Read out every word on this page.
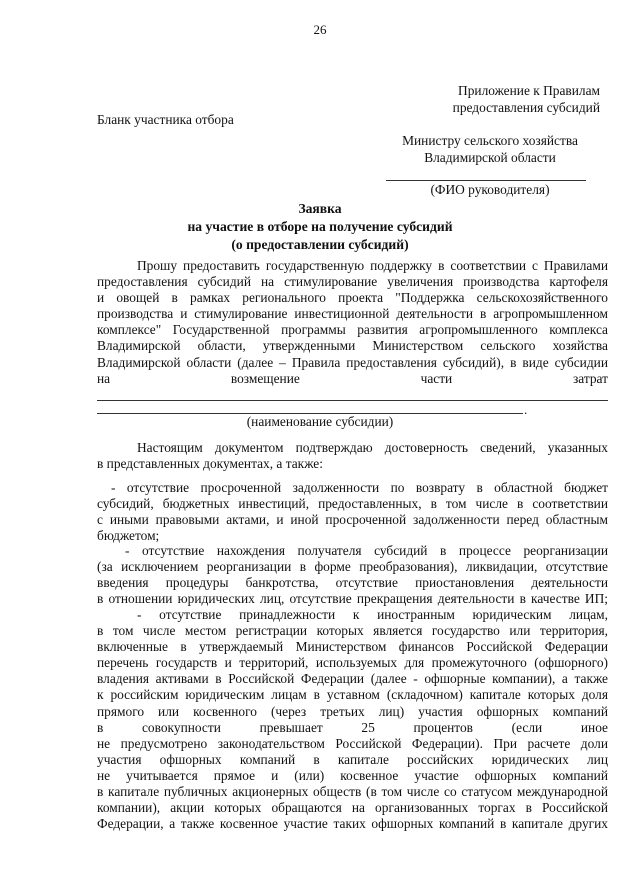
26
Приложение к Правилам
предоставления субсидий
Бланк участника отбора
Министру сельского хозяйства
Владимирской области
(ФИО руководителя)
Заявка
на участие в отборе на получение субсидий
(о предоставлении субсидий)

Прошу предоставить государственную поддержку в соответствии с Правилами

предоставления субсидий на стимулирование увеличения производства картофеля

и овощей в рамках регионального проекта "Поддержка сельскохозяйственного

производства и стимулирование инвестиционной деятельности в агропромышленном

комплексе" Государственной программы развития агропромышленного комплекса

Владимирской области, утвержденными Министерством сельского хозяйства

Владимирской области (далее – Правила предоставления субсидий), в виде субсидии

на	возмещение	части	затрат
.
(наименование субсидии)

Настоящим документом подтверждаю достоверность сведений, указанных

в представленных документах, а также:

- отсутствие просроченной задолженности по возврату в областной бюджет

субсидий, бюджетных инвестиций, предоставленных, в том числе в соответствии

с иными правовыми актами, и иной просроченной задолженности перед областным

бюджетом;

- отсутствие нахождения получателя субсидий в процессе реорганизации

(за исключением реорганизации в форме преобразования), ликвидации, отсутствие

введения процедуры банкротства, отсутствие приостановления деятельности

в отношении юридических лиц, отсутствие прекращения деятельности в качестве ИП;

- отсутствие принадлежности к иностранным юридическим лицам,

в том числе местом регистрации которых является государство или территория,

включенные в утверждаемый Министерством финансов Российской Федерации

перечень государств и территорий, используемых для промежуточного (офшорного)

владения активами в Российской Федерации (далее - офшорные компании), а также

к российским юридическим лицам в уставном (складочном) капитале которых доля

прямого или косвенного (через третьих лиц) участия офшорных компаний

в совокупности превышает 25 процентов (если иное

не предусмотрено законодательством Российской Федерации). При расчете доли

участия офшорных компаний в капитале российских юридических лиц

не учитывается прямое и (или) косвенное участие офшорных компаний

в капитале публичных акционерных обществ (в том числе со статусом международной

компании), акции которых обращаются на организованных торгах в Российской

Федерации, а также косвенное участие таких офшорных компаний в капитале других
